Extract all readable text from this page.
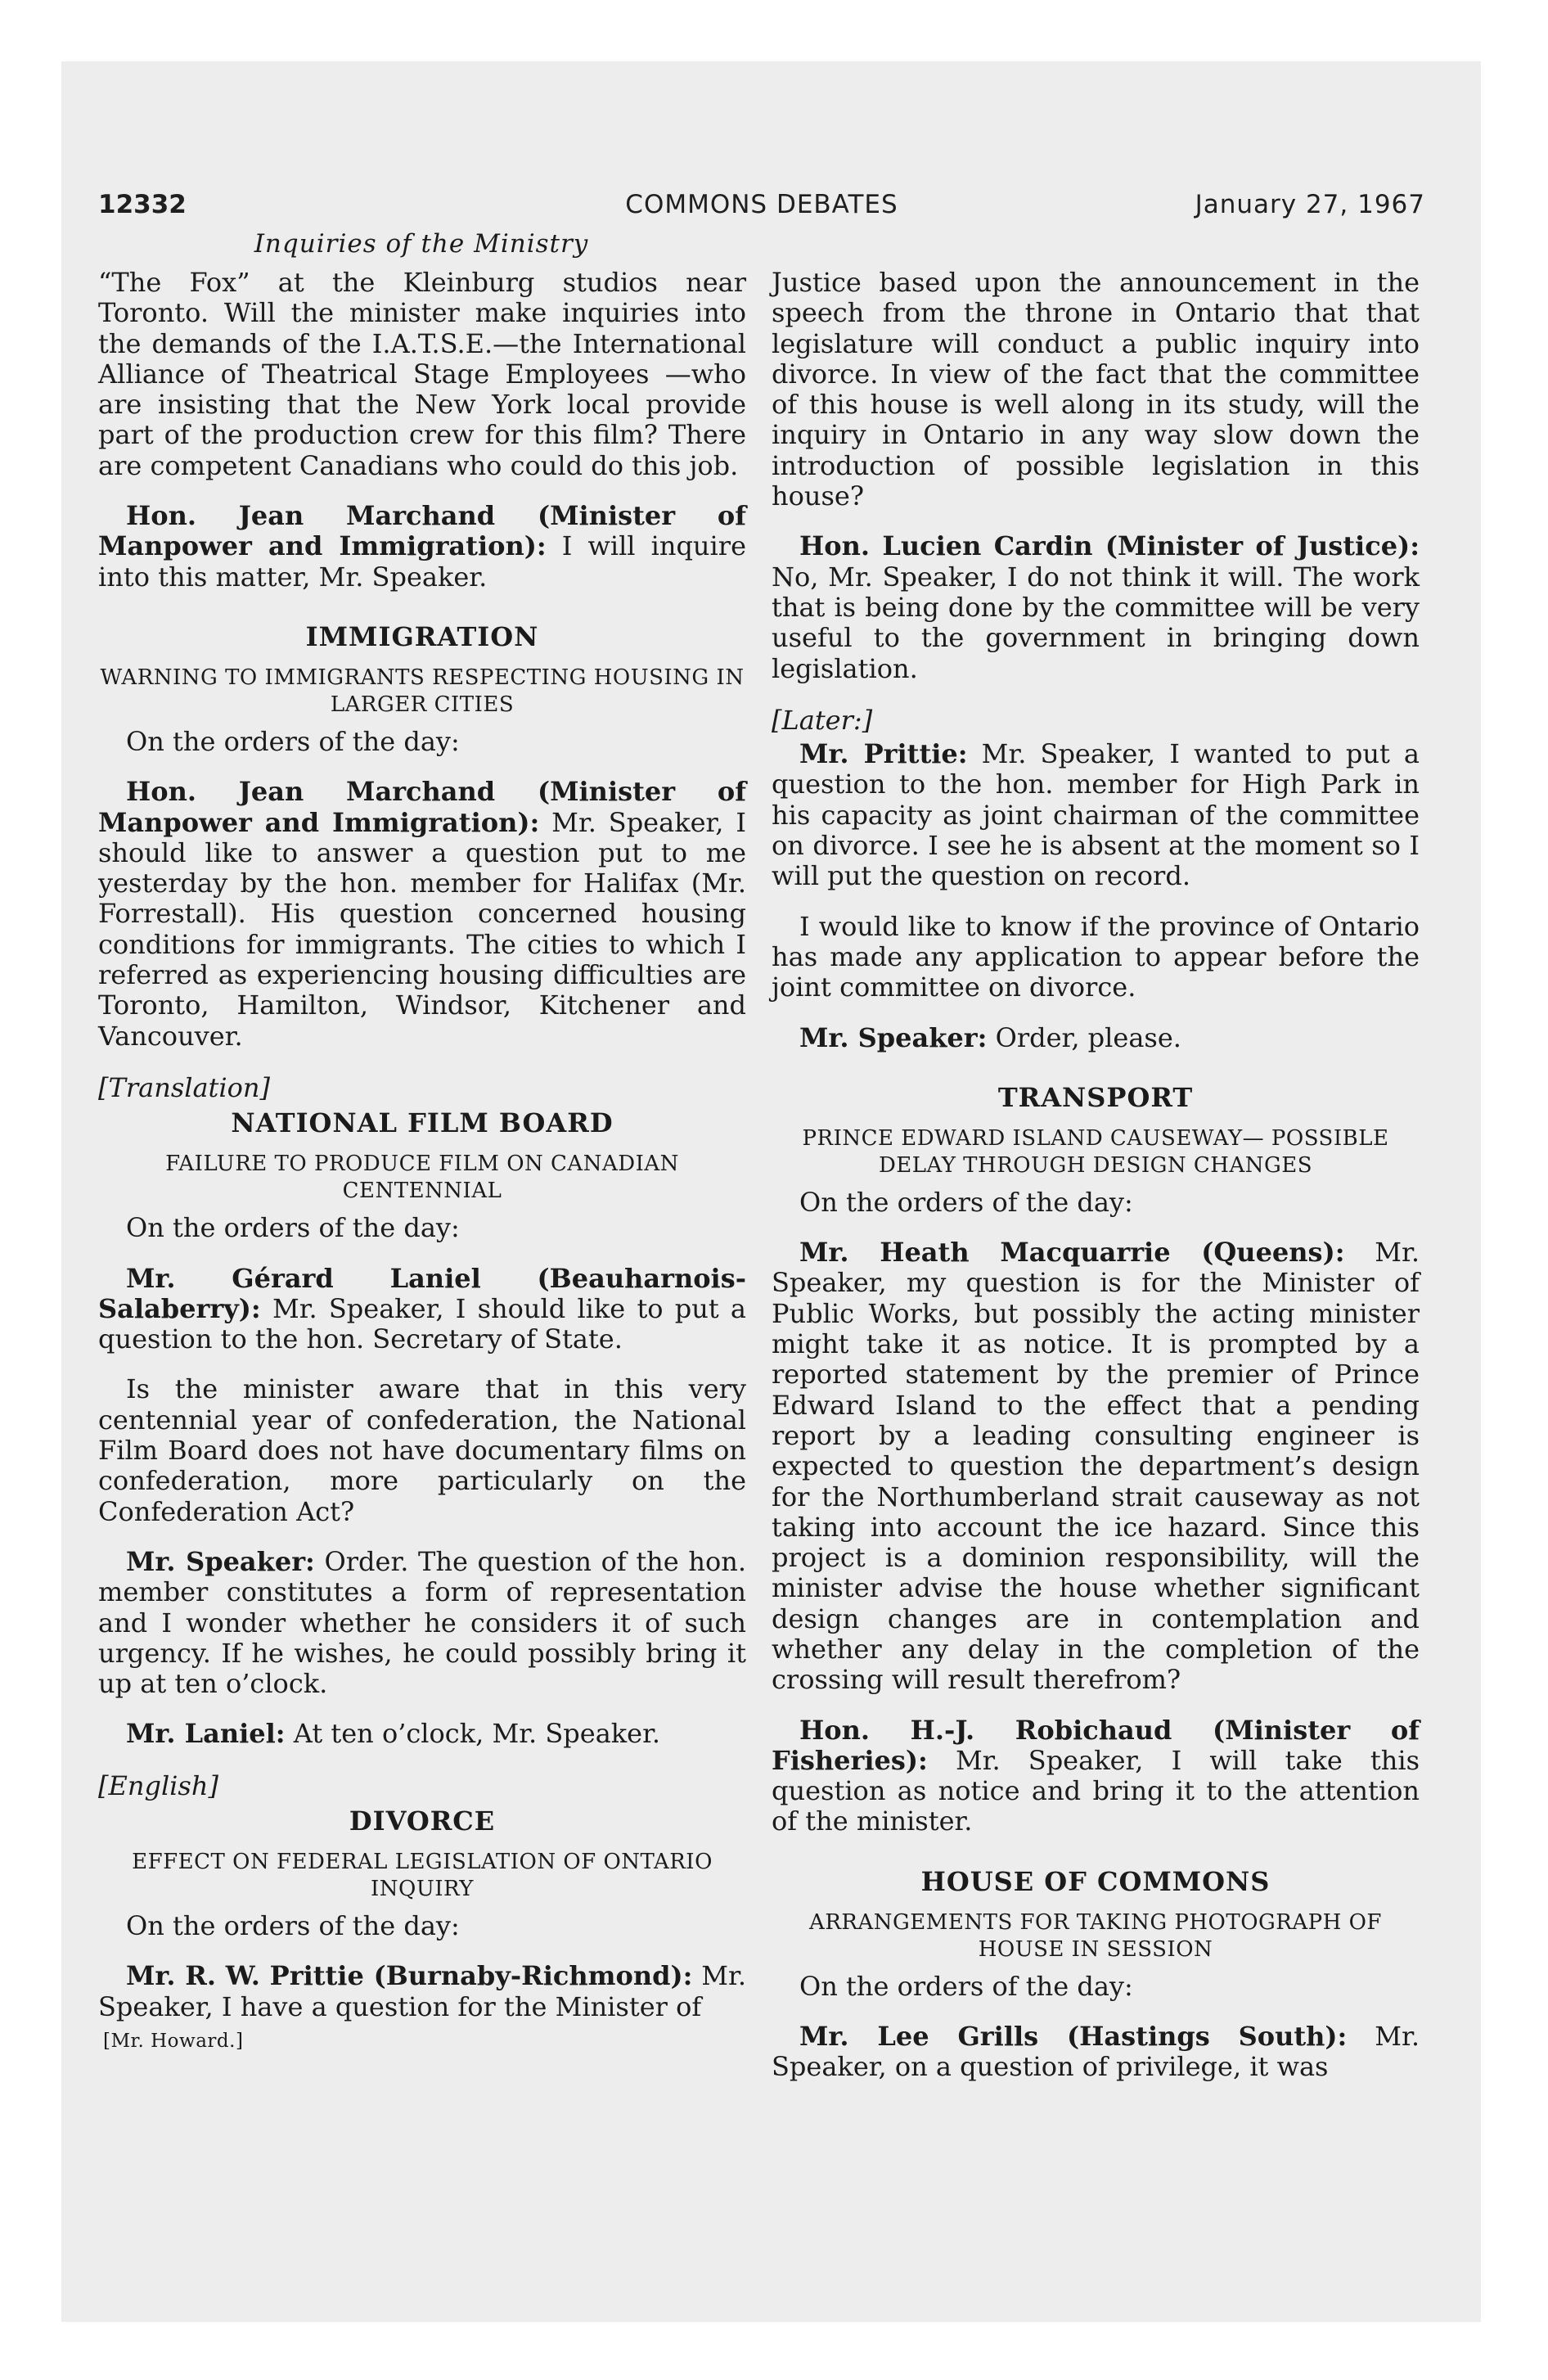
12332	COMMONS DEBATES	January 27, 1967
Inquiries of the Ministry

“The Fox” at the Kleinburg studios near Toronto. Will the minister make inquiries into the demands of the I.A.T.S.E.—the International Alliance of Theatrical Stage Employees —who are insisting that the New York local provide part of the production crew for this film? There are competent Canadians who could do this job.

Hon. Jean Marchand (Minister of Manpower and Immigration): I will inquire into this matter, Mr. Speaker.

IMMIGRATION
WARNING TO IMMIGRANTS RESPECTING HOUSING IN LARGER CITIES

On the orders of the day:

Hon. Jean Marchand (Minister of Manpower and Immigration): Mr. Speaker, I should like to answer a question put to me yesterday by the hon. member for Halifax (Mr. Forrestall). His question concerned housing conditions for immigrants. The cities to which I referred as experiencing housing difficulties are Toronto, Hamilton, Windsor, Kitchener and Vancouver.

[Translation]
NATIONAL FILM BOARD
FAILURE TO PRODUCE FILM ON CANADIAN CENTENNIAL

On the orders of the day:

Mr. Gérard Laniel (Beauharnois-Salaberry): Mr. Speaker, I should like to put a question to the hon. Secretary of State.

Is the minister aware that in this very centennial year of confederation, the National Film Board does not have documentary films on confederation, more particularly on the Confederation Act?

Mr. Speaker: Order. The question of the hon. member constitutes a form of representation and I wonder whether he considers it of such urgency. If he wishes, he could possibly bring it up at ten o’clock.

Mr. Laniel: At ten o’clock, Mr. Speaker.

[English]
DIVORCE
EFFECT ON FEDERAL LEGISLATION OF ONTARIO INQUIRY

On the orders of the day:

Mr. R. W. Prittie (Burnaby-Richmond): Mr. Speaker, I have a question for the Minister of

[Mr. Howard.]

Justice based upon the announcement in the speech from the throne in Ontario that that legislature will conduct a public inquiry into divorce. In view of the fact that the committee of this house is well along in its study, will the inquiry in Ontario in any way slow down the introduction of possible legislation in this house?

Hon. Lucien Cardin (Minister of Justice): No, Mr. Speaker, I do not think it will. The work that is being done by the committee will be very useful to the government in bringing down legislation.

[Later:]

Mr. Prittie: Mr. Speaker, I wanted to put a question to the hon. member for High Park in his capacity as joint chairman of the committee on divorce. I see he is absent at the moment so I will put the question on record.

I would like to know if the province of Ontario has made any application to appear before the joint committee on divorce.

Mr. Speaker: Order, please.

TRANSPORT
PRINCE EDWARD ISLAND CAUSEWAY— POSSIBLE DELAY THROUGH DESIGN CHANGES

On the orders of the day:

Mr. Heath Macquarrie (Queens): Mr. Speaker, my question is for the Minister of Public Works, but possibly the acting minister might take it as notice. It is prompted by a reported statement by the premier of Prince Edward Island to the effect that a pending report by a leading consulting engineer is expected to question the department’s design for the Northumberland strait causeway as not taking into account the ice hazard. Since this project is a dominion responsibility, will the minister advise the house whether significant design changes are in contemplation and whether any delay in the completion of the crossing will result therefrom?

Hon. H.-J. Robichaud (Minister of Fisheries): Mr. Speaker, I will take this question as notice and bring it to the attention of the minister.

HOUSE OF COMMONS
ARRANGEMENTS FOR TAKING PHOTOGRAPH OF HOUSE IN SESSION

On the orders of the day:

Mr. Lee Grills (Hastings South): Mr. Speaker, on a question of privilege, it was
